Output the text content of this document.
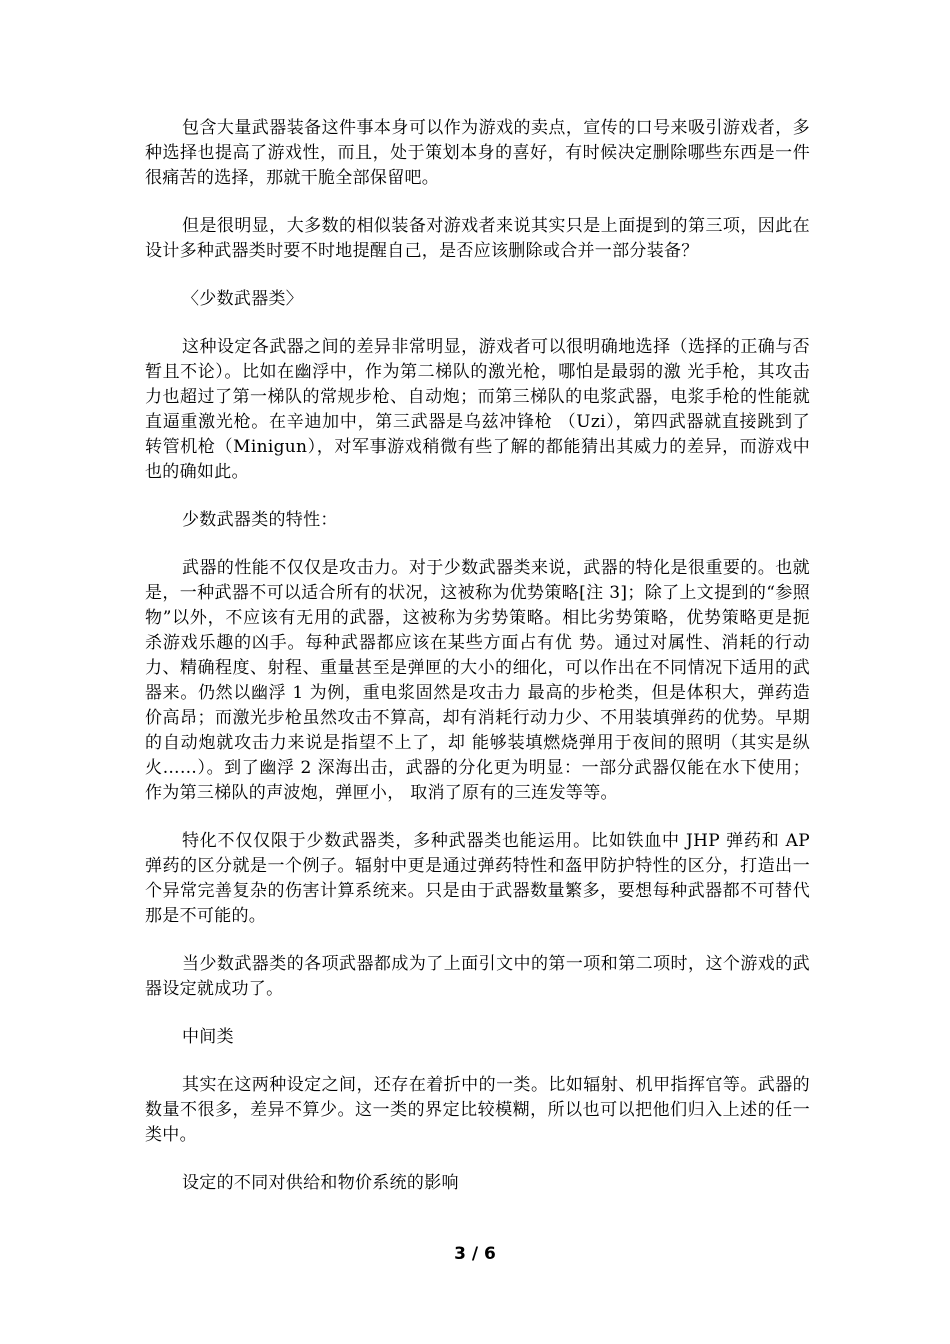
包含大量武器装备这件事本身可以作为游戏的卖点，宣传的口号来吸引游戏者，多种选择也提高了游戏性，而且，处于策划本身的喜好，有时候决定删除哪些东西是一件很痛苦的选择，那就干脆全部保留吧。

但是很明显，大多数的相似装备对游戏者来说其实只是上面提到的第三项，因此在设计多种武器类时要不时地提醒自己，是否应该删除或合并一部分装备？

〈少数武器类〉

这种设定各武器之间的差异非常明显，游戏者可以很明确地选择（选择的正确与否暂且不论）。比如在幽浮中，作为第二梯队的激光枪，哪怕是最弱的激 光手枪，其攻击力也超过了第一梯队的常规步枪、自动炮；而第三梯队的电浆武器，电浆手枪的性能就直逼重激光枪。在辛迪加中，第三武器是乌兹冲锋枪 （Uzi），第四武器就直接跳到了转管机枪（Minigun），对军事游戏稍微有些了解的都能猜出其威力的差异，而游戏中也的确如此。

少数武器类的特性：

武器的性能不仅仅是攻击力。对于少数武器类来说，武器的特化是很重要的。也就是，一种武器不可以适合所有的状况，这被称为优势策略[注 3]；除了上文提到的“参照物”以外，不应该有无用的武器，这被称为劣势策略。相比劣势策略，优势策略更是扼杀游戏乐趣的凶手。每种武器都应该在某些方面占有优 势。通过对属性、消耗的行动力、精确程度、射程、重量甚至是弹匣的大小的细化，可以作出在不同情况下适用的武器来。仍然以幽浮 1 为例，重电浆固然是攻击力 最高的步枪类，但是体积大，弹药造价高昂；而激光步枪虽然攻击不算高，却有消耗行动力少、不用装填弹药的优势。早期的自动炮就攻击力来说是指望不上了，却 能够装填燃烧弹用于夜间的照明（其实是纵火……）。到了幽浮 2 深海出击，武器的分化更为明显：一部分武器仅能在水下使用；作为第三梯队的声波炮，弹匣小， 取消了原有的三连发等等。

特化不仅仅限于少数武器类，多种武器类也能运用。比如铁血中 JHP 弹药和 AP 弹药的区分就是一个例子。辐射中更是通过弹药特性和盔甲防护特性的区分，打造出一个异常完善复杂的伤害计算系统来。只是由于武器数量繁多，要想每种武器都不可替代那是不可能的。

当少数武器类的各项武器都成为了上面引文中的第一项和第二项时，这个游戏的武器设定就成功了。

中间类

其实在这两种设定之间，还存在着折中的一类。比如辐射、机甲指挥官等。武器的数量不很多，差异不算少。这一类的界定比较模糊，所以也可以把他们归入上述的任一类中。

设定的不同对供给和物价系统的影响

3 / 6
